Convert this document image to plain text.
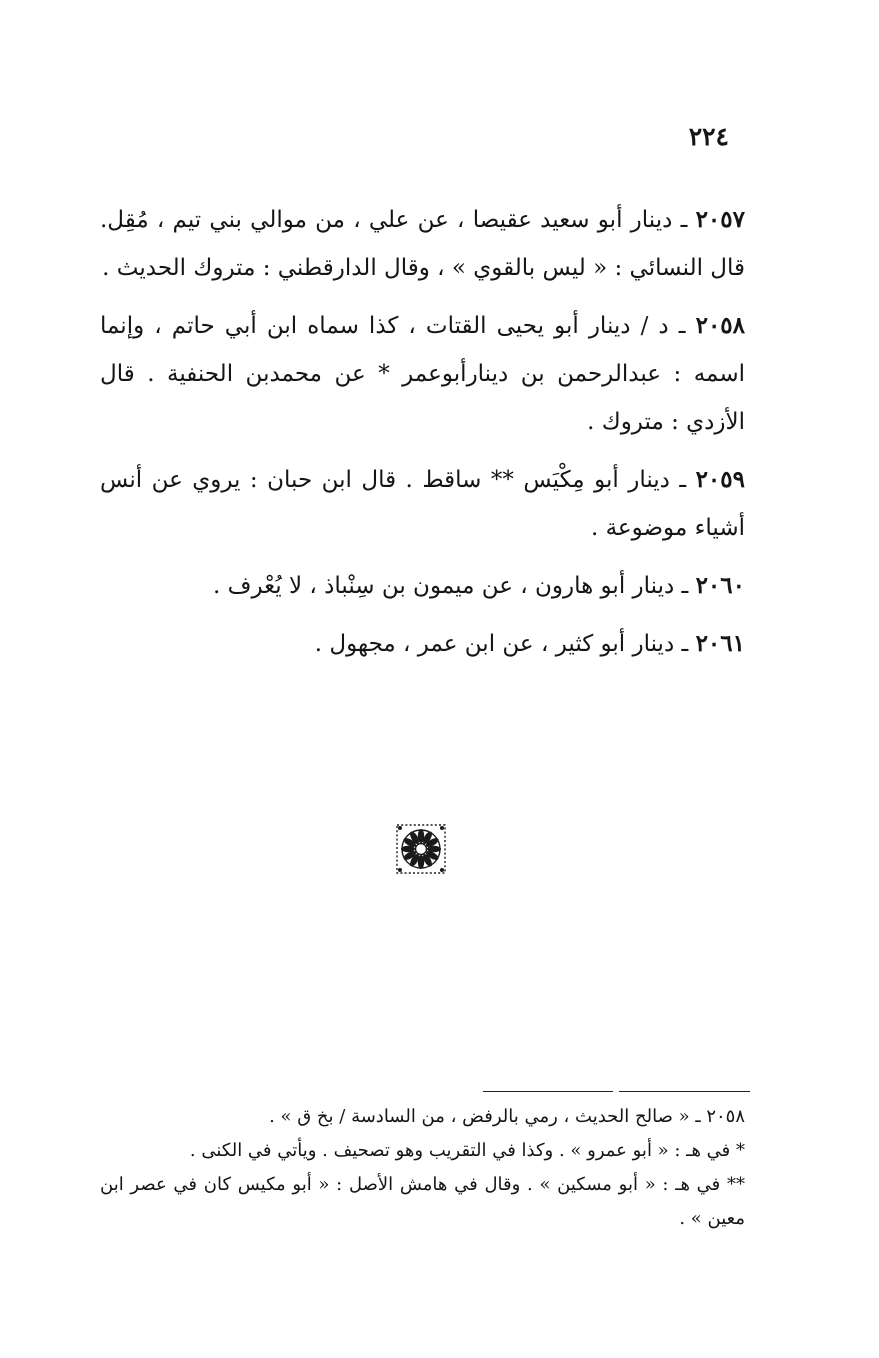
٢٢٤

٢٠٥٧ ـ دينار أبو سعيد عقيصا ، عن علي ، من موالي بني تيم ، مُقِل. قال النسائي : « ليس بالقوي » ، وقال الدارقطني : متروك الحديث .

٢٠٥٨ ـ د / دينار أبو يحيى القتات ، كذا سماه ابن أبي حاتم ، وإنما اسمه : عبدالرحمن بن دينارأبوعمر * عن محمدبن الحنفية . قال الأزدي : متروك .

٢٠٥٩ ـ دينار أبو مِكْيَس ** ساقط . قال ابن حبان : يروي عن أنس أشياء موضوعة .

٢٠٦٠ ـ دينار أبو هارون ، عن ميمون بن سِنْباذ ، لا يُعْرف .

٢٠٦١ ـ دينار أبو كثير ، عن ابن عمر ، مجهول .

٢٠٥٨ ـ « صالح الحديث ، رمي بالرفض ، من السادسة / بخ ق » .

* في هـ : « أبو عمرو » . وكذا في التقريب وهو تصحيف . ويأتي في الكنى .

** في هـ : « أبو مسكين » . وقال في هامش الأصل : « أبو مكيس كان في عصر ابن معين » .
